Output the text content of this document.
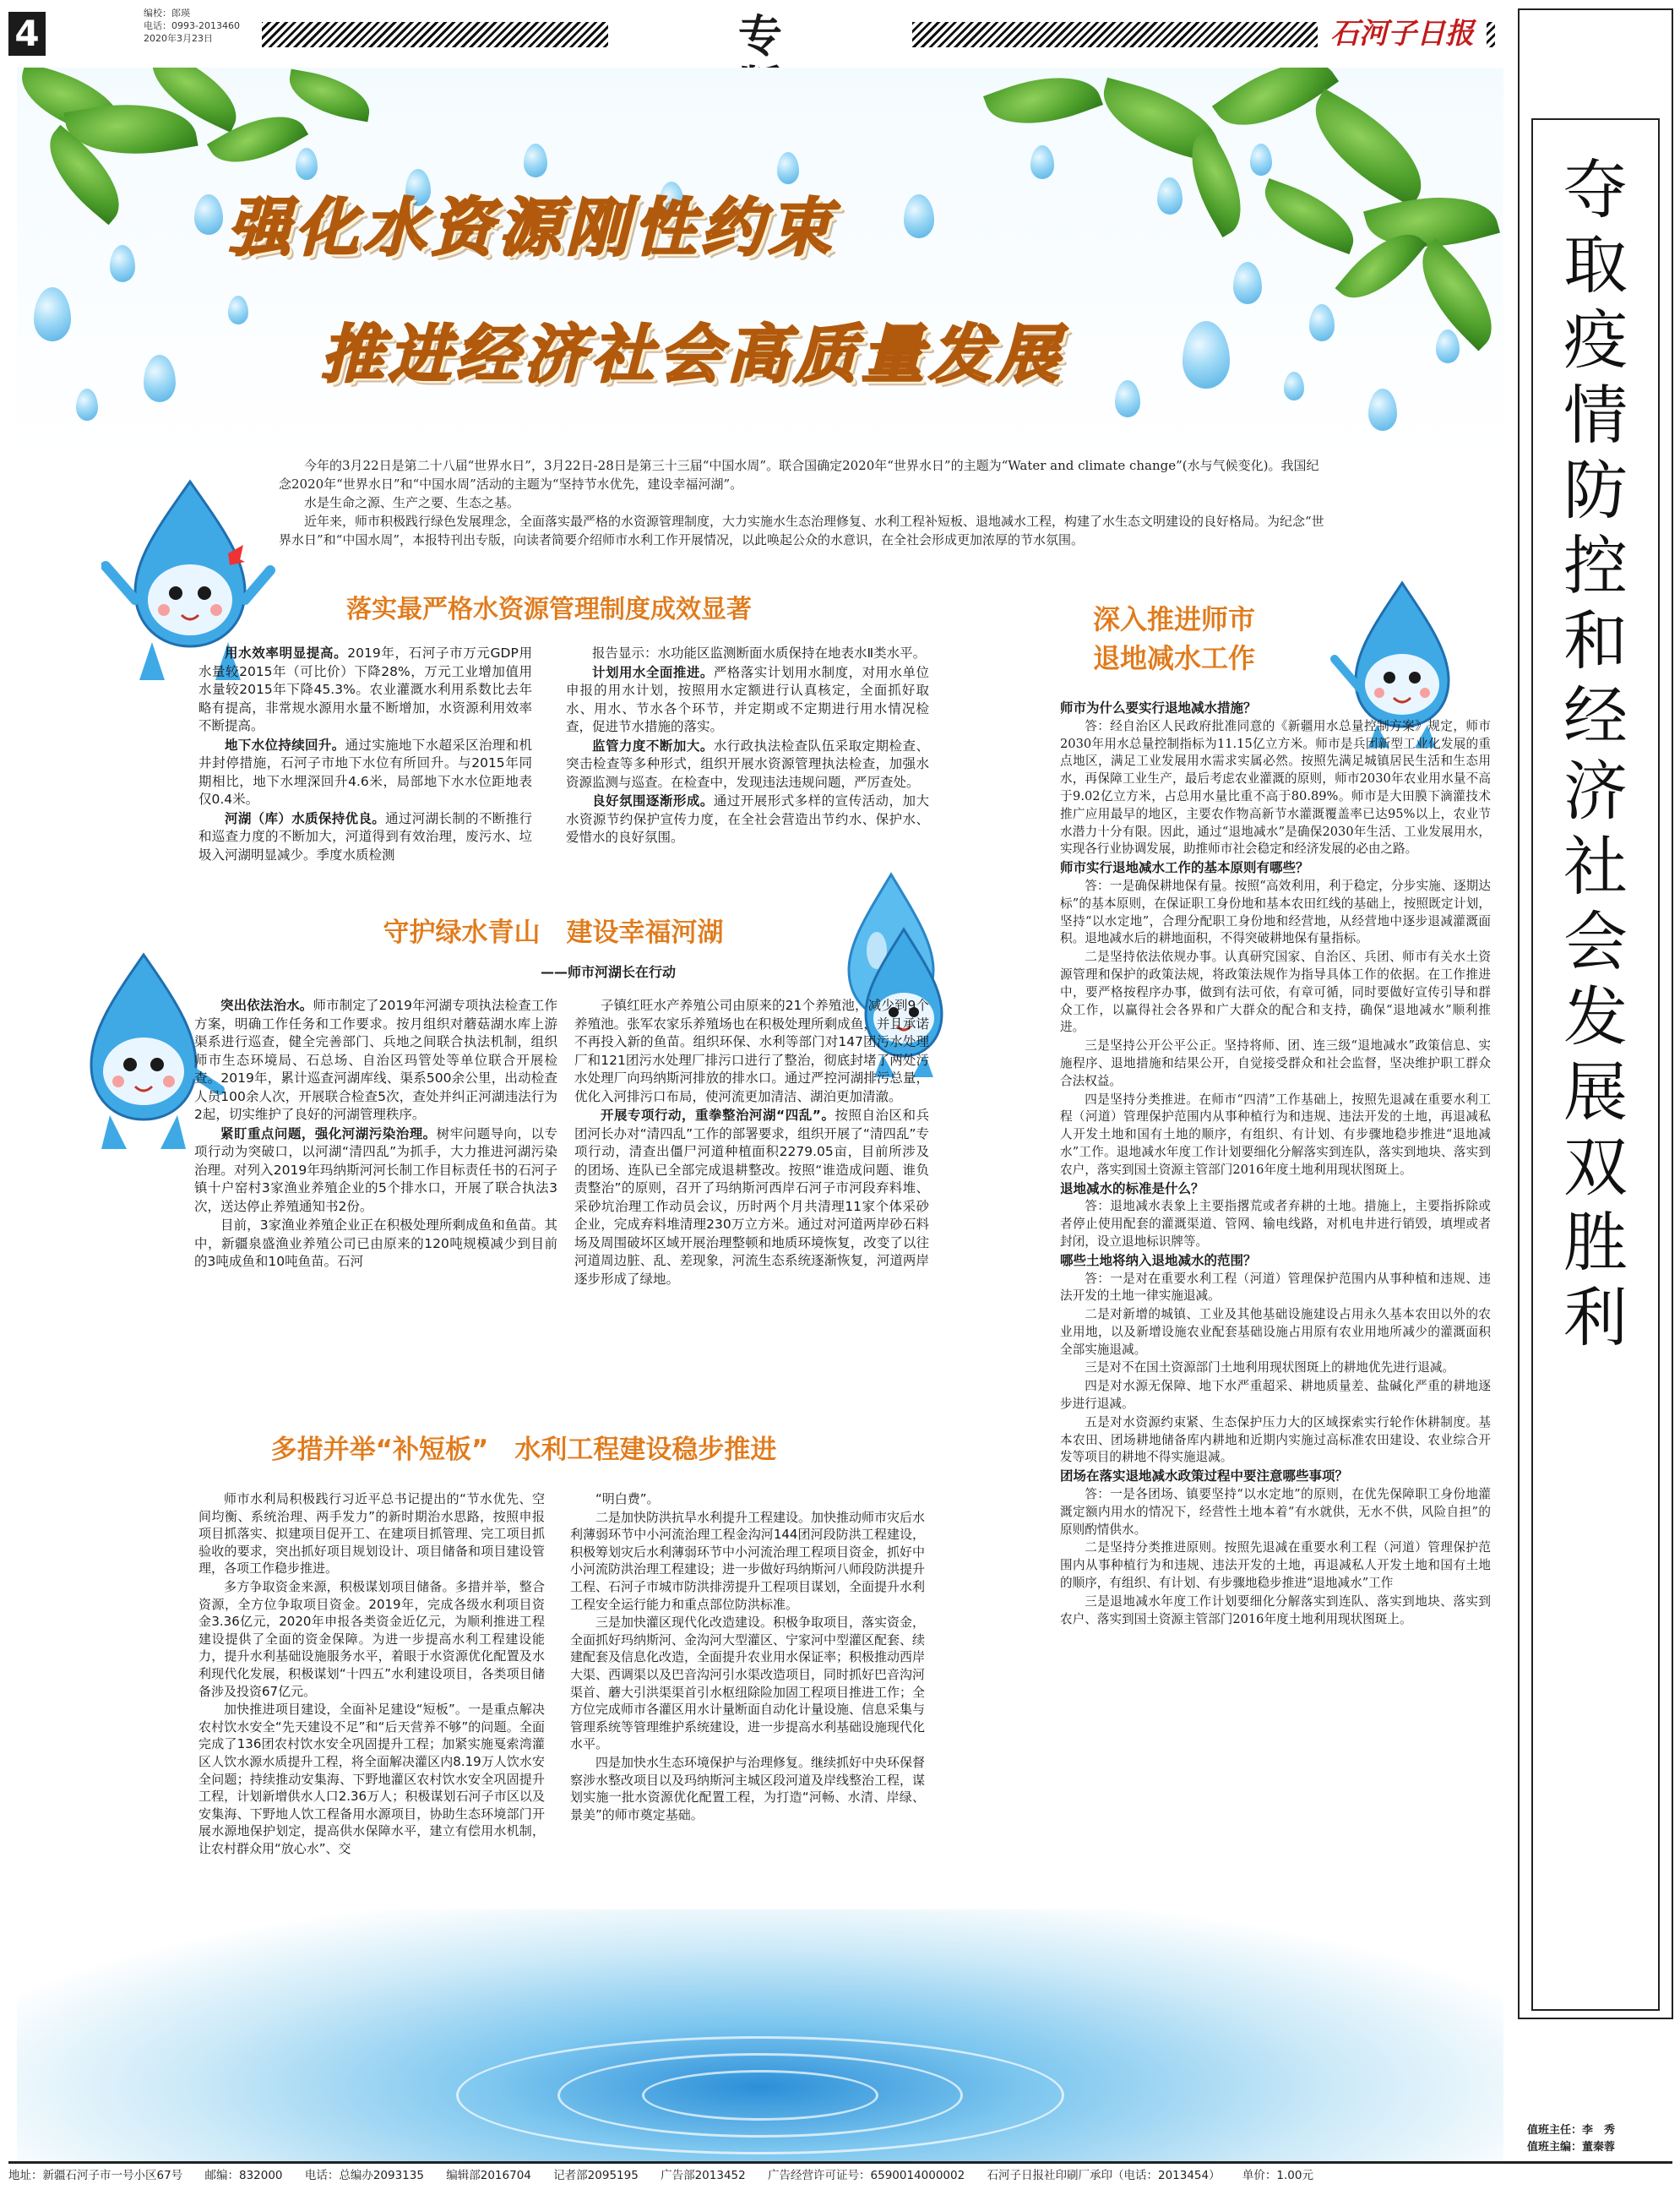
4	编校：郎瑛
电话：0993-2013460
2020年3月23日	专	石河子日报
强化水资源刚性约束
推进经济社会高质量发展

今年的3月22日是第二十八届“世界水日”，3月22日-28日是第三十三届“中国水周”。联合国确定2020年“世界水日”的主题为“Water and climate change”(水与气候变化)。我国纪念2020年“世界水日”和“中国水周”活动的主题为“坚持节水优先，建设幸福河湖”。

水是生命之源、生产之要、生态之基。

近年来，师市积极践行绿色发展理念，全面落实最严格的水资源管理制度，大力实施水生态治理修复、水利工程补短板、退地减水工程，构建了水生态文明建设的良好格局。为纪念“世界水日”和“中国水周”，本报特刊出专版，向读者简要介绍师市水利工作开展情况，以此唤起公众的水意识，在全社会形成更加浓厚的节水氛围。

落实最严格水资源管理制度成效显著

用水效率明显提高。2019年，石河子市万元GDP用水量较2015年（可比价）下降28%，万元工业增加值用水量较2015年下降45.3%。农业灌溉水利用系数比去年略有提高，非常规水源用水量不断增加，水资源利用效率不断提高。

地下水位持续回升。通过实施地下水超采区治理和机井封停措施，石河子市地下水位有所回升。与2015年同期相比，地下水埋深回升4.6米，局部地下水水位距地表仅0.4米。

河湖（库）水质保持优良。通过河湖长制的不断推行和巡查力度的不断加大，河道得到有效治理，废污水、垃圾入河湖明显减少。季度水质检测

报告显示：水功能区监测断面水质保持在地表水Ⅱ类水平。

计划用水全面推进。严格落实计划用水制度，对用水单位申报的用水计划，按照用水定额进行认真核定，全面抓好取水、用水、节水各个环节，并定期或不定期进行用水情况检查，促进节水措施的落实。

监管力度不断加大。水行政执法检查队伍采取定期检查、突击检查等多种形式，组织开展水资源管理执法检查，加强水资源监测与巡查。在检查中，发现违法违规问题，严厉查处。

良好氛围逐渐形成。通过开展形式多样的宣传活动，加大水资源节约保护宣传力度，在全社会营造出节约水、保护水、爱惜水的良好氛围。

守护绿水青山　建设幸福河湖
——师市河湖长在行动

突出依法治水。师市制定了2019年河湖专项执法检查工作方案，明确工作任务和工作要求。按月组织对蘑菇湖水库上游渠系进行巡查，健全完善部门、兵地之间联合执法机制，组织师市生态环境局、石总场、自治区玛管处等单位联合开展检查。2019年，累计巡查河湖库线、渠系500余公里，出动检查人员100余人次，开展联合检查5次，查处并纠正河湖违法行为2起，切实维护了良好的河湖管理秩序。

紧盯重点问题，强化河湖污染治理。树牢问题导向，以专项行动为突破口，以河湖“清四乱”为抓手，大力推进河湖污染治理。对列入2019年玛纳斯河河长制工作目标责任书的石河子镇十户窑村3家渔业养殖企业的5个排水口，开展了联合执法3次，送达停止养殖通知书2份。

目前，3家渔业养殖企业正在积极处理所剩成鱼和鱼苗。其中，新疆泉盛渔业养殖公司已由原来的120吨规模减少到目前的3吨成鱼和10吨鱼苗。石河

子镇红旺水产养殖公司由原来的21个养殖池，减少到9个养殖池。张军农家乐养殖场也在积极处理所剩成鱼，并且承诺不再投入新的鱼苗。组织环保、水利等部门对147团污水处理厂和121团污水处理厂排污口进行了整治，彻底封堵了两处污水处理厂向玛纳斯河排放的排水口。通过严控河湖排污总量，优化入河排污口布局，使河流更加清洁、湖泊更加清澈。

开展专项行动，重拳整治河湖“四乱”。按照自治区和兵团河长办对“清四乱”工作的部署要求，组织开展了“清四乱”专项行动，清查出僵尸河道种植面积2279.05亩，目前所涉及的团场、连队已全部完成退耕整改。按照“谁造成问题、谁负责整治”的原则，召开了玛纳斯河西岸石河子市河段弃料堆、采砂坑治理工作动员会议，历时两个月共清理11家个体采砂企业，完成弃料堆清理230万立方米。通过对河道两岸砂石料场及周围破坏区域开展治理整顿和地质环境恢复，改变了以往河道周边脏、乱、差现象，河流生态系统逐渐恢复，河道两岸逐步形成了绿地。

多措并举“补短板”　水利工程建设稳步推进

师市水利局积极践行习近平总书记提出的“节水优先、空间均衡、系统治理、两手发力”的新时期治水思路，按照申报项目抓落实、拟建项目促开工、在建项目抓管理、完工项目抓验收的要求，突出抓好项目规划设计、项目储备和项目建设管理，各项工作稳步推进。

多方争取资金来源，积极谋划项目储备。多措并举，整合资源，全方位争取项目资金。2019年，完成各级水利项目资金3.36亿元，2020年申报各类资金近亿元，为顺利推进工程建设提供了全面的资金保障。为进一步提高水利工程建设能力，提升水利基础设施服务水平，着眼于水资源优化配置及水利现代化发展，积极谋划“十四五”水利建设项目，各类项目储备涉及投资67亿元。

加快推进项目建设，全面补足建设“短板”。一是重点解决农村饮水安全“先天建设不足”和“后天营养不够”的问题。全面完成了136团农村饮水安全巩固提升工程；加紧实施戛索湾灌区人饮水源水质提升工程，将全面解决灌区内8.19万人饮水安全问题；持续推动安集海、下野地灌区农村饮水安全巩固提升工程，计划新增供水人口2.36万人；积极谋划石河子市区以及安集海、下野地人饮工程备用水源项目，协助生态环境部门开展水源地保护划定，提高供水保障水平，建立有偿用水机制，让农村群众用“放心水”、交

“明白费”。

二是加快防洪抗旱水利提升工程建设。加快推动师市灾后水利薄弱环节中小河流治理工程金沟河144团河段防洪工程建设，积极筹划灾后水利薄弱环节中小河流治理工程项目资金，抓好中小河流防洪治理工程建设；进一步做好玛纳斯河八师段防洪提升工程、石河子市城市防洪排涝提升工程项目谋划，全面提升水利工程安全运行能力和重点部位防洪标准。

三是加快灌区现代化改造建设。积极争取项目，落实资金，全面抓好玛纳斯河、金沟河大型灌区、宁家河中型灌区配套、续建配套及信息化改造，全面提升农业用水保证率；积极推动西岸大渠、西调渠以及巴音沟河引水渠改造项目，同时抓好巴音沟河渠首、蘑大引洪渠渠首引水枢纽除险加固工程项目推进工作；全方位完成师市各灌区用水计量断面自动化计量设施、信息采集与管理系统等管理维护系统建设，进一步提高水利基础设施现代化水平。

四是加快水生态环境保护与治理修复。继续抓好中央环保督察涉水整改项目以及玛纳斯河主城区段河道及岸线整治工程，谋划实施一批水资源优化配置工程，为打造“河畅、水清、岸绿、景美”的师市奠定基础。

深入推进师市
退地减水工作

师市为什么要实行退地减水措施？

答：经自治区人民政府批准同意的《新疆用水总量控制方案》规定，师市2030年用水总量控制指标为11.15亿立方米。师市是兵团新型工业化发展的重点地区，满足工业发展用水需求实属必然。按照先满足城镇居民生活和生态用水，再保障工业生产，最后考虑农业灌溉的原则，师市2030年农业用水量不高于9.02亿立方米，占总用水量比重不高于80.89%。师市是大田膜下滴灌技术推广应用最早的地区，主要农作物高新节水灌溉覆盖率已达95%以上，农业节水潜力十分有限。因此，通过“退地减水”是确保2030年生活、工业发展用水，实现各行业协调发展，助推师市社会稳定和经济发展的必由之路。

师市实行退地减水工作的基本原则有哪些？

答：一是确保耕地保有量。按照“高效利用，利于稳定，分步实施、逐期达标”的基本原则，在保证职工身份地和基本农田红线的基础上，按照既定计划，坚持“以水定地”，合理分配职工身份地和经营地，从经营地中逐步退减灌溉面积。退地减水后的耕地面积，不得突破耕地保有量指标。

二是坚持依法依规办事。认真研究国家、自治区、兵团、师市有关水土资源管理和保护的政策法规，将政策法规作为指导具体工作的依据。在工作推进中，要严格按程序办事，做到有法可依，有章可循，同时要做好宣传引导和群众工作，以赢得社会各界和广大群众的配合和支持，确保“退地减水”顺利推进。

三是坚持公开公平公正。坚持将师、团、连三级“退地减水”政策信息、实施程序、退地措施和结果公开，自觉接受群众和社会监督，坚决维护职工群众合法权益。

四是坚持分类推进。在师市“四清”工作基础上，按照先退减在重要水利工程（河道）管理保护范围内从事种植行为和违规、违法开发的土地，再退减私人开发土地和国有土地的顺序，有组织、有计划、有步骤地稳步推进“退地减水”工作。退地减水年度工作计划要细化分解落实到连队，落实到地块、落实到农户，落实到国土资源主管部门2016年度土地利用现状图斑上。

退地减水的标准是什么？

答：退地减水表象上主要指撂荒或者弃耕的土地。措施上，主要指拆除或者停止使用配套的灌溉渠道、管网、输电线路，对机电井进行销毁，填埋或者封闭，设立退地标识牌等。

哪些土地将纳入退地减水的范围？

答：一是对在重要水利工程（河道）管理保护范围内从事种植和违规、违法开发的土地一律实施退减。

二是对新增的城镇、工业及其他基础设施建设占用永久基本农田以外的农业用地，以及新增设施农业配套基础设施占用原有农业用地所减少的灌溉面积全部实施退减。

三是对不在国土资源部门土地利用现状图斑上的耕地优先进行退减。

四是对水源无保障、地下水严重超采、耕地质量差、盐碱化严重的耕地逐步进行退减。

五是对水资源约束紧、生态保护压力大的区域探索实行轮作休耕制度。基本农田、团场耕地储备库内耕地和近期内实施过高标准农田建设、农业综合开发等项目的耕地不得实施退减。

团场在落实退地减水政策过程中要注意哪些事项？

答：一是各团场、镇要坚持“以水定地”的原则，在优先保障职工身份地灌溉定额内用水的情况下，经营性土地本着“有水就供，无水不供，风险自担”的原则酌情供水。

二是坚持分类推进原则。按照先退减在重要水利工程（河道）管理保护范围内从事种植行为和违规、违法开发的土地，再退减私人开发土地和国有土地的顺序，有组织、有计划、有步骤地稳步推进“退地减水”工作

三是退地减水年度工作计划要细化分解落实到连队、落实到地块、落实到农户、落实到国土资源主管部门2016年度土地利用现状图斑上。

夺
取
疫
情
防
控
和
经
济
社
会
发
展
双
胜
利
值班主任：李　秀
值班主编：董秦蓉
地址：新疆石河子市一号小区67号 邮编：832000 电话：总编办2093135 编辑部2016704 记者部2095195 广告部2013452 广告经营许可证号：6590014000002 石河子日报社印刷厂承印（电话：2013454） 单价：1.00元
